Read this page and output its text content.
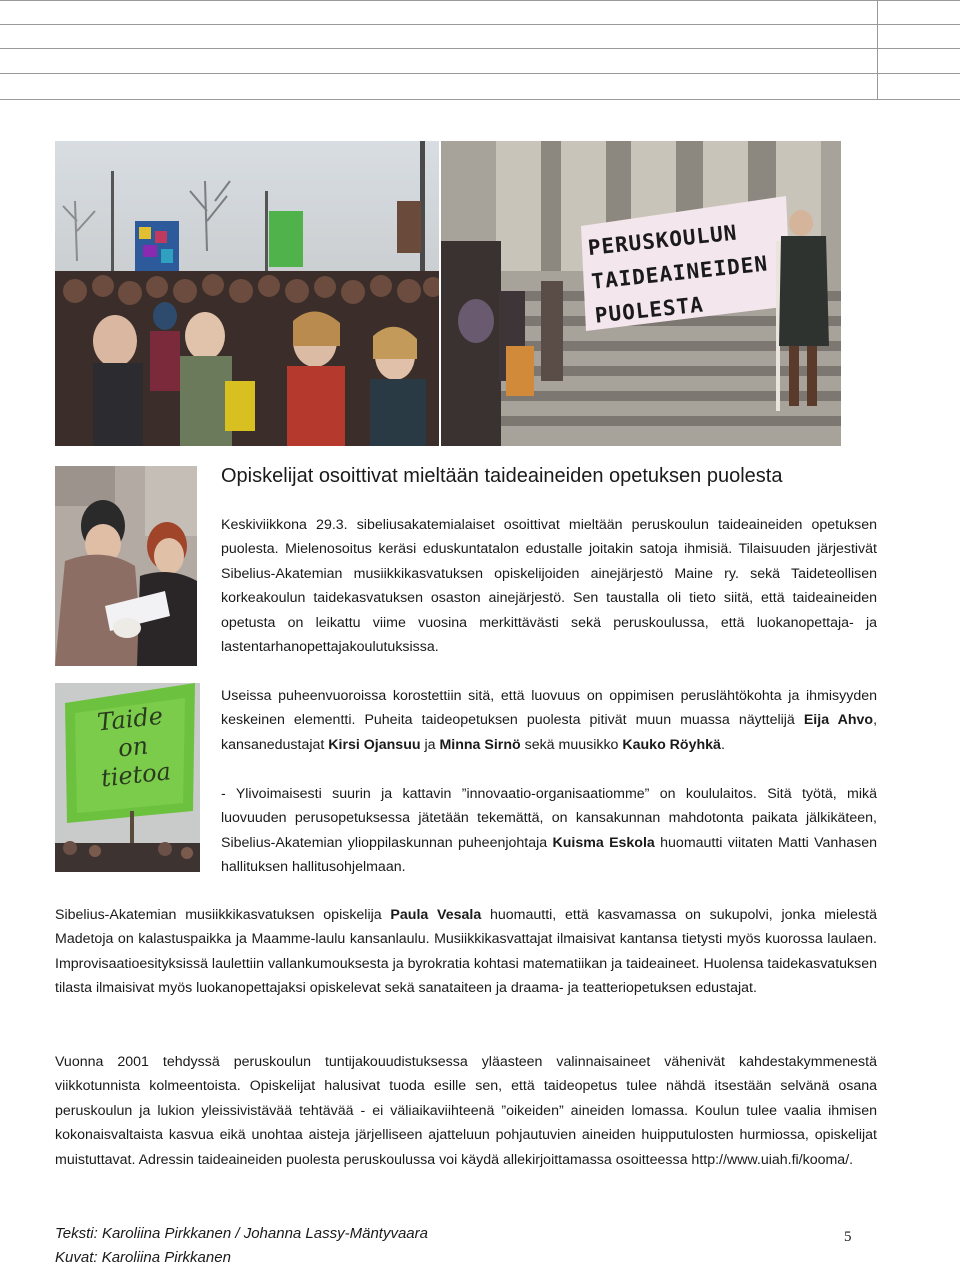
PERUSKOULUN
TAIDEAINEIDEN
PUOLESTA
Taide
on
tietoa
Opiskelijat osoittivat mieltään taideaineiden opetuksen puolesta
Keskiviikkona 29.3. sibeliusakatemialaiset osoittivat mieltään peruskoulun taideaineiden opetuksen puolesta. Mielenosoitus keräsi eduskuntatalon edustalle joitakin satoja ihmisiä. Tilaisuuden järjestivät Sibelius-Akatemian musiikkikasvatuksen opiskelijoiden ainejärjestö Maine ry. sekä Taideteollisen korkeakoulun taidekasvatuksen osaston ainejärjestö. Sen taustalla oli tieto siitä, että taideaineiden opetusta on leikattu viime vuosina merkittävästi sekä peruskoulussa, että luokanopettaja- ja lastentarhanopettajakoulutuksissa.
Useissa puheenvuoroissa korostettiin sitä, että luovuus on oppimisen peruslähtökohta ja ihmisyyden keskeinen elementti. Puheita taideopetuksen puolesta pitivät muun muassa näyttelijä Eija Ahvo, kansanedustajat Kirsi Ojansuu ja Minna Sirnö sekä muusikko Kauko Röyhkä.
- Ylivoimaisesti suurin ja kattavin ”innovaatio-organisaatiomme” on koululaitos. Sitä työtä, mikä luovuuden perusopetuksessa jätetään tekemättä, on kansakunnan mahdotonta paikata jälkikäteen, Sibelius-Akatemian ylioppilaskunnan puheenjohtaja Kuisma Eskola huomautti viitaten Matti Vanhasen hallituksen hallitusohjelmaan.
Sibelius-Akatemian musiikkikasvatuksen opiskelija Paula Vesala huomautti, että kasvamassa on sukupolvi, jonka mielestä Madetoja on kalastuspaikka ja Maamme-laulu kansanlaulu. Musiikkikasvattajat ilmaisivat kantansa tietysti myös kuorossa laulaen. Improvisaatioesityksissä laulettiin vallankumouksesta ja byrokratia kohtasi matematiikan ja taideaineet. Huolensa taidekasvatuksen tilasta ilmaisivat myös luokanopettajaksi opiskelevat sekä sanataiteen ja draama- ja teatteriopetuksen edustajat.
Vuonna 2001 tehdyssä peruskoulun tuntijakouudistuksessa yläasteen valinnaisaineet vähenivät kahdestakymmenestä viikkotunnista kolmeentoista. Opiskelijat halusivat tuoda esille sen, että taideopetus tulee nähdä itsestään selvänä osana peruskoulun ja lukion yleissivistävää tehtävää - ei väliaikaviihteenä ”oikeiden” aineiden lomassa. Koulun tulee vaalia ihmisen kokonaisvaltaista kasvua eikä unohtaa aisteja järjelliseen ajatteluun pohjautuvien aineiden huipputulosten hurmiossa, opiskelijat muistuttavat. Adressin taideaineiden puolesta peruskoulussa voi käydä allekirjoittamassa osoitteessa http://www.uiah.fi/kooma/.
Teksti: Karoliina Pirkkanen / Johanna Lassy-Mäntyvaara
Kuvat: Karoliina Pirkkanen
5
